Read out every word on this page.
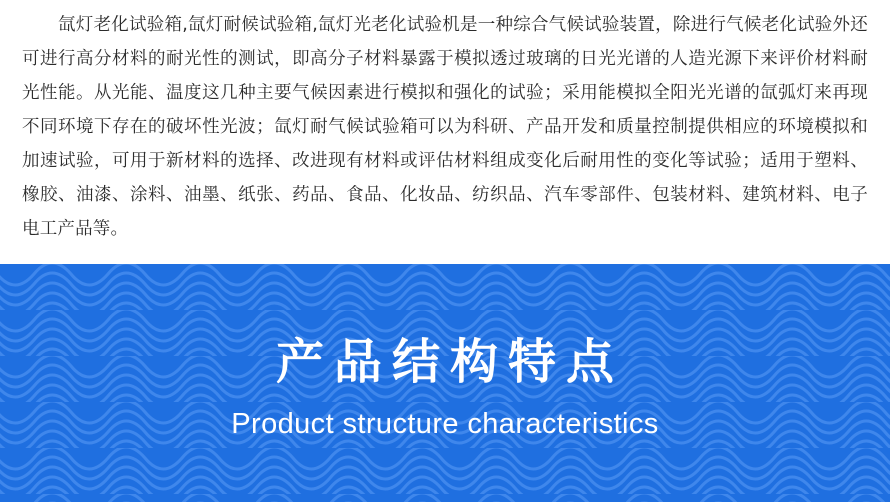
氙灯老化试验箱,氙灯耐候试验箱,氙灯光老化试验机是一种综合气候试验装置，除进行气候老化试验外还可进行高分材料的耐光性的测试，即高分子材料暴露于模拟透过玻璃的日光光谱的人造光源下来评价材料耐光性能。从光能、温度这几种主要气候因素进行模拟和强化的试验；采用能模拟全阳光光谱的氙弧灯来再现不同环境下存在的破坏性光波；氙灯耐气候试验箱可以为科研、产品开发和质量控制提供相应的环境模拟和加速试验，可用于新材料的选择、改进现有材料或评估材料组成变化后耐用性的变化等试验；适用于塑料、橡胶、油漆、涂料、油墨、纸张、药品、食品、化妆品、纺织品、汽车零部件、包装材料、建筑材料、电子电工产品等。
产品结构特点
Product structure characteristics
